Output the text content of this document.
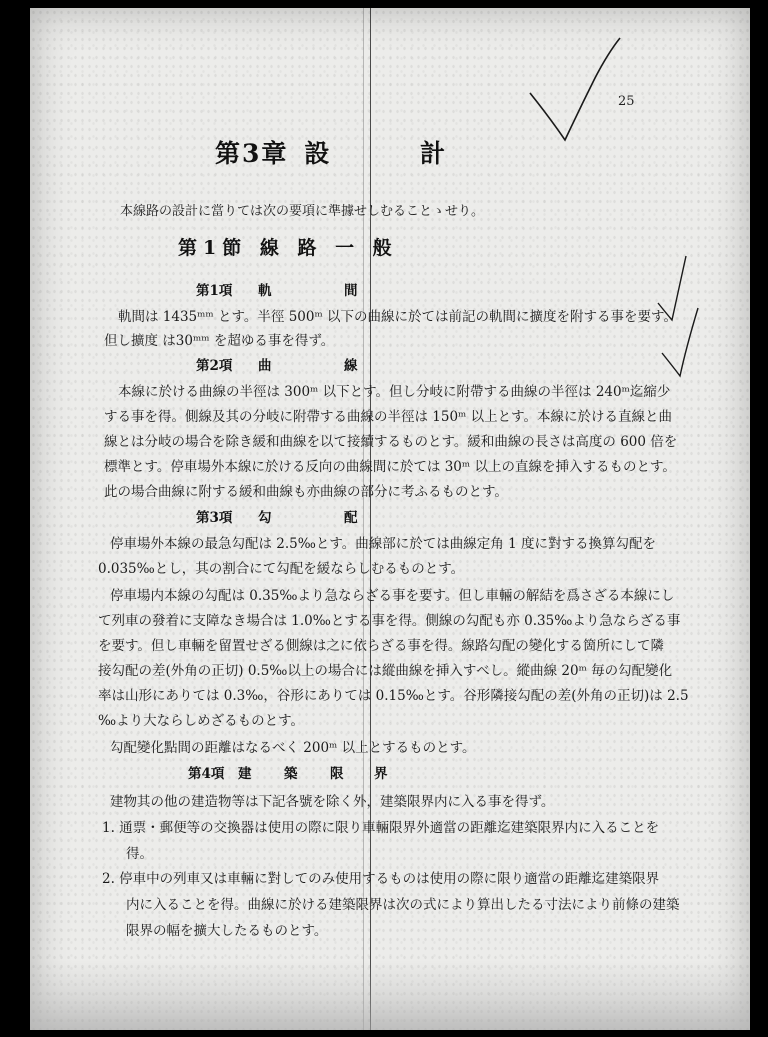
25
第3章 設	計
本線路の設計に當りては次の要項に準據せしむることゝせり。
第1節 線 路 一 般
第1項 軌	間
軌間は 1435ᵐᵐ とす。半徑 500ᵐ 以下の曲線に於ては前記の軌間に擴度を附する事を要す。
但し擴度 は30ᵐᵐ を超ゆる事を得ず。
第2項 曲	線
本線に於ける曲線の半徑は 300ᵐ 以下とす。但し分岐に附帶する曲線の半徑は 240ᵐ迄縮少
する事を得。側線及其の分岐に附帶する曲線の半徑は 150ᵐ 以上とす。本線に於ける直線と曲
線とは分岐の場合を除き緩和曲線を以て接續するものとす。緩和曲線の長さは高度の 600 倍を
標準とす。停車場外本線に於ける反向の曲線間に於ては 30ᵐ 以上の直線を挿入するものとす。
此の場合曲線に附する緩和曲線も亦曲線の部分に考ふるものとす。
第3項 勾	配
停車場外本線の最急勾配は 2.5‰とす。曲線部に於ては曲線定角 1 度に對する換算勾配を
0.035‰とし，其の割合にて勾配を緩ならしむるものとす。
停車場内本線の勾配は 0.35‰より急ならざる事を要す。但し車輛の解結を爲さざる本線にし
て列車の發着に支障なき場合は 1.0‰とする事を得。側線の勾配も亦 0.35‰より急ならざる事
を要す。但し車輛を留置せざる側線は之に依らざる事を得。線路勾配の變化する箇所にして隣
接勾配の差(外角の正切) 0.5‰以上の場合には縱曲線を挿入すべし。縱曲線 20ᵐ 毎の勾配變化
率は山形にありては 0.3‰，谷形にありては 0.15‰とす。谷形隣接勾配の差(外角の正切)は 2.5
‰より大ならしめざるものとす。
勾配變化點間の距離はなるべく 200ᵐ 以上とするものとす。
第4項 建 築 限 界
建物其の他の建造物等は下記各號を除く外，建築限界内に入る事を得ず。
1. 通票・郵便等の交換器は使用の際に限り車輛限界外適當の距離迄建築限界内に入ることを
得。
2. 停車中の列車又は車輛に對してのみ使用するものは使用の際に限り適當の距離迄建築限界
内に入ることを得。曲線に於ける建築限界は次の式により算出したる寸法により前條の建築
限界の幅を擴大したるものとす。
